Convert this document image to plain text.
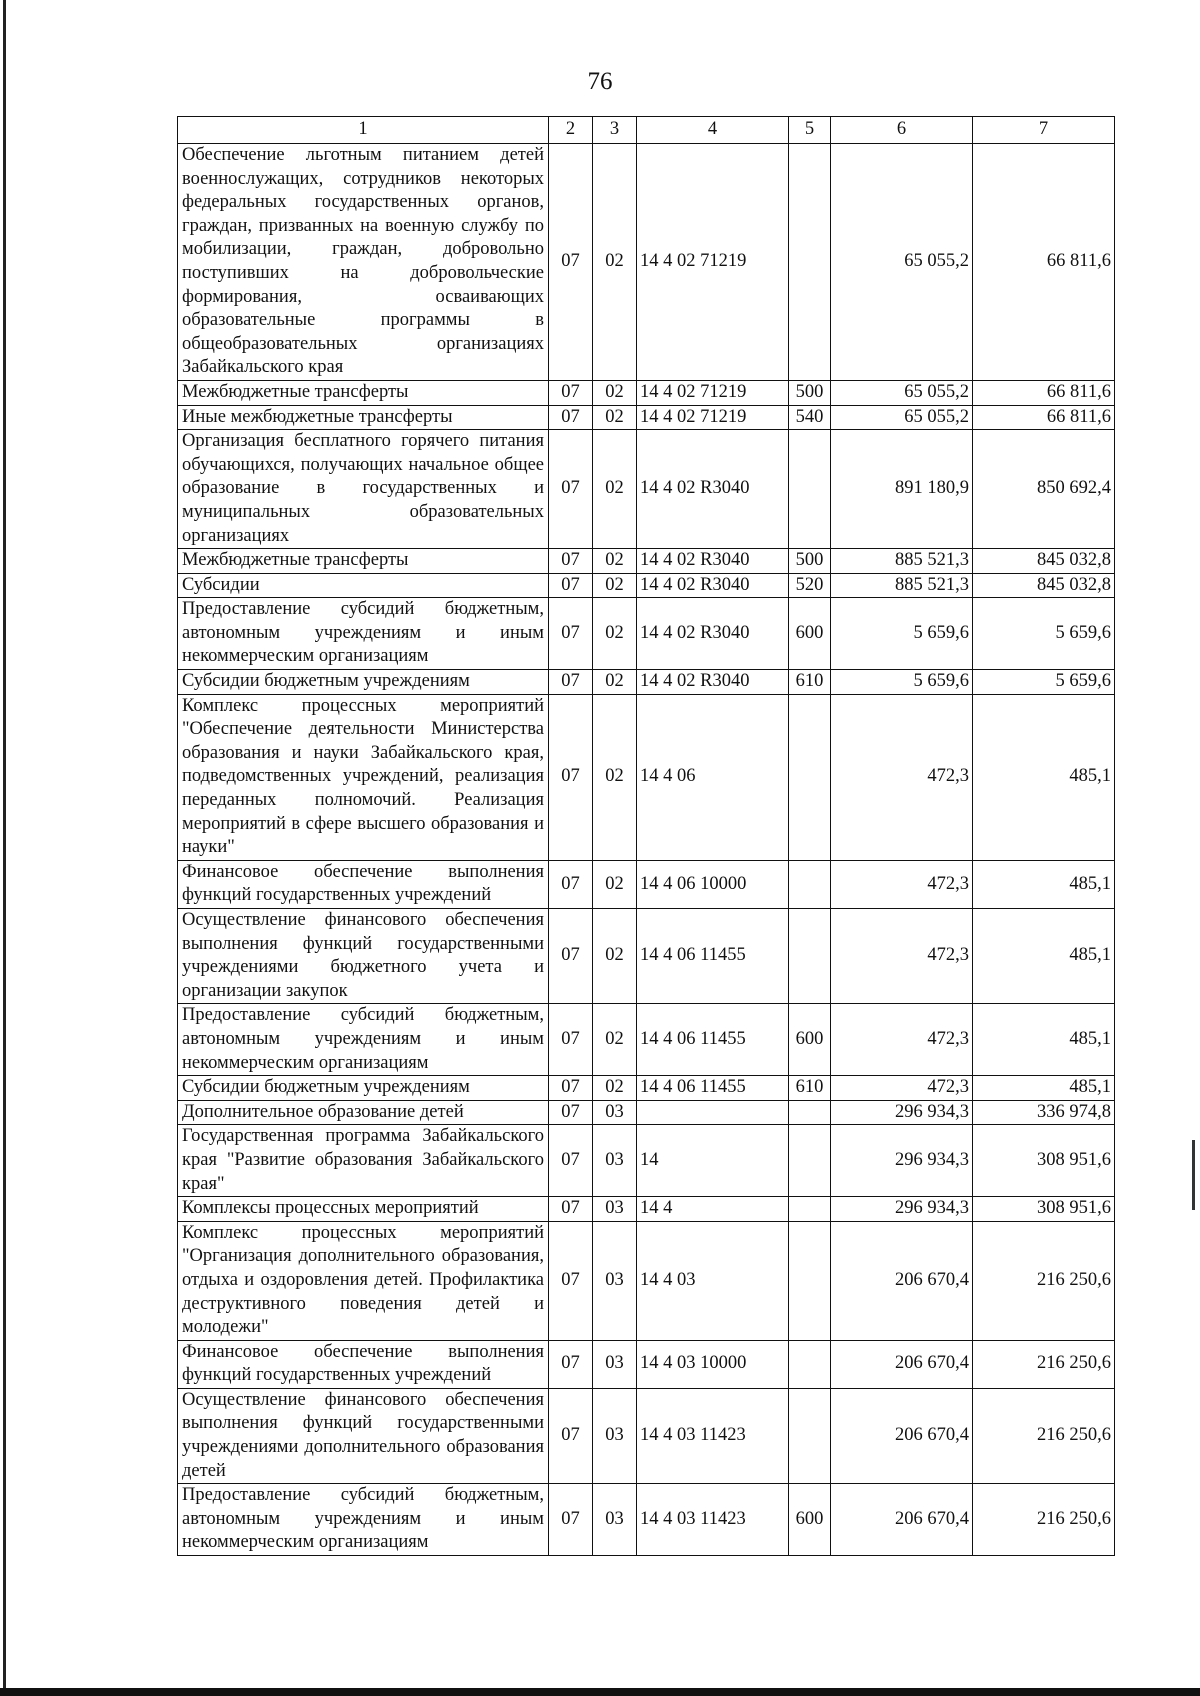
76
1	2	3	4	5	6	7
Обеспечение льготным питанием детей военнослужащих, сотрудников некоторых федеральных государственных органов, граждан, призванных на военную службу по мобилизации, граждан, добровольно поступивших на добровольческие формирования, осваивающих образовательные программы в общеобразовательных организациях Забайкальского края	07	02	14 4 02 71219		65 055,2	66 811,6
Межбюджетные трансферты	07	02	14 4 02 71219	500	65 055,2	66 811,6
Иные межбюджетные трансферты	07	02	14 4 02 71219	540	65 055,2	66 811,6
Организация бесплатного горячего питания обучающихся, получающих начальное общее образование в государственных и муниципальных образовательных организациях	07	02	14 4 02 R3040		891 180,9	850 692,4
Межбюджетные трансферты	07	02	14 4 02 R3040	500	885 521,3	845 032,8
Субсидии	07	02	14 4 02 R3040	520	885 521,3	845 032,8
Предоставление субсидий бюджетным, автономным учреждениям и иным некоммерческим организациям	07	02	14 4 02 R3040	600	5 659,6	5 659,6
Субсидии бюджетным учреждениям	07	02	14 4 02 R3040	610	5 659,6	5 659,6
Комплекс процессных мероприятий "Обеспечение деятельности Министерства образования и науки Забайкальского края, подведомственных учреждений, реализация переданных полномочий. Реализация мероприятий в сфере высшего образования и науки"	07	02	14 4 06		472,3	485,1
Финансовое обеспечение выполнения функций государственных учреждений	07	02	14 4 06 10000		472,3	485,1
Осуществление финансового обеспечения выполнения функций государственными учреждениями бюджетного учета и организации закупок	07	02	14 4 06 11455		472,3	485,1
Предоставление субсидий бюджетным, автономным учреждениям и иным некоммерческим организациям	07	02	14 4 06 11455	600	472,3	485,1
Субсидии бюджетным учреждениям	07	02	14 4 06 11455	610	472,3	485,1
Дополнительное образование детей	07	03			296 934,3	336 974,8
Государственная программа Забайкальского края "Развитие образования Забайкальского края"	07	03	14		296 934,3	308 951,6
Комплексы процессных мероприятий	07	03	14 4		296 934,3	308 951,6
Комплекс процессных мероприятий "Организация дополнительного образования, отдыха и оздоровления детей. Профилактика деструктивного поведения детей и молодежи"	07	03	14 4 03		206 670,4	216 250,6
Финансовое обеспечение выполнения функций государственных учреждений	07	03	14 4 03 10000		206 670,4	216 250,6
Осуществление финансового обеспечения выполнения функций государственными учреждениями дополнительного образования детей	07	03	14 4 03 11423		206 670,4	216 250,6
Предоставление субсидий бюджетным, автономным учреждениям и иным некоммерческим организациям	07	03	14 4 03 11423	600	206 670,4	216 250,6
